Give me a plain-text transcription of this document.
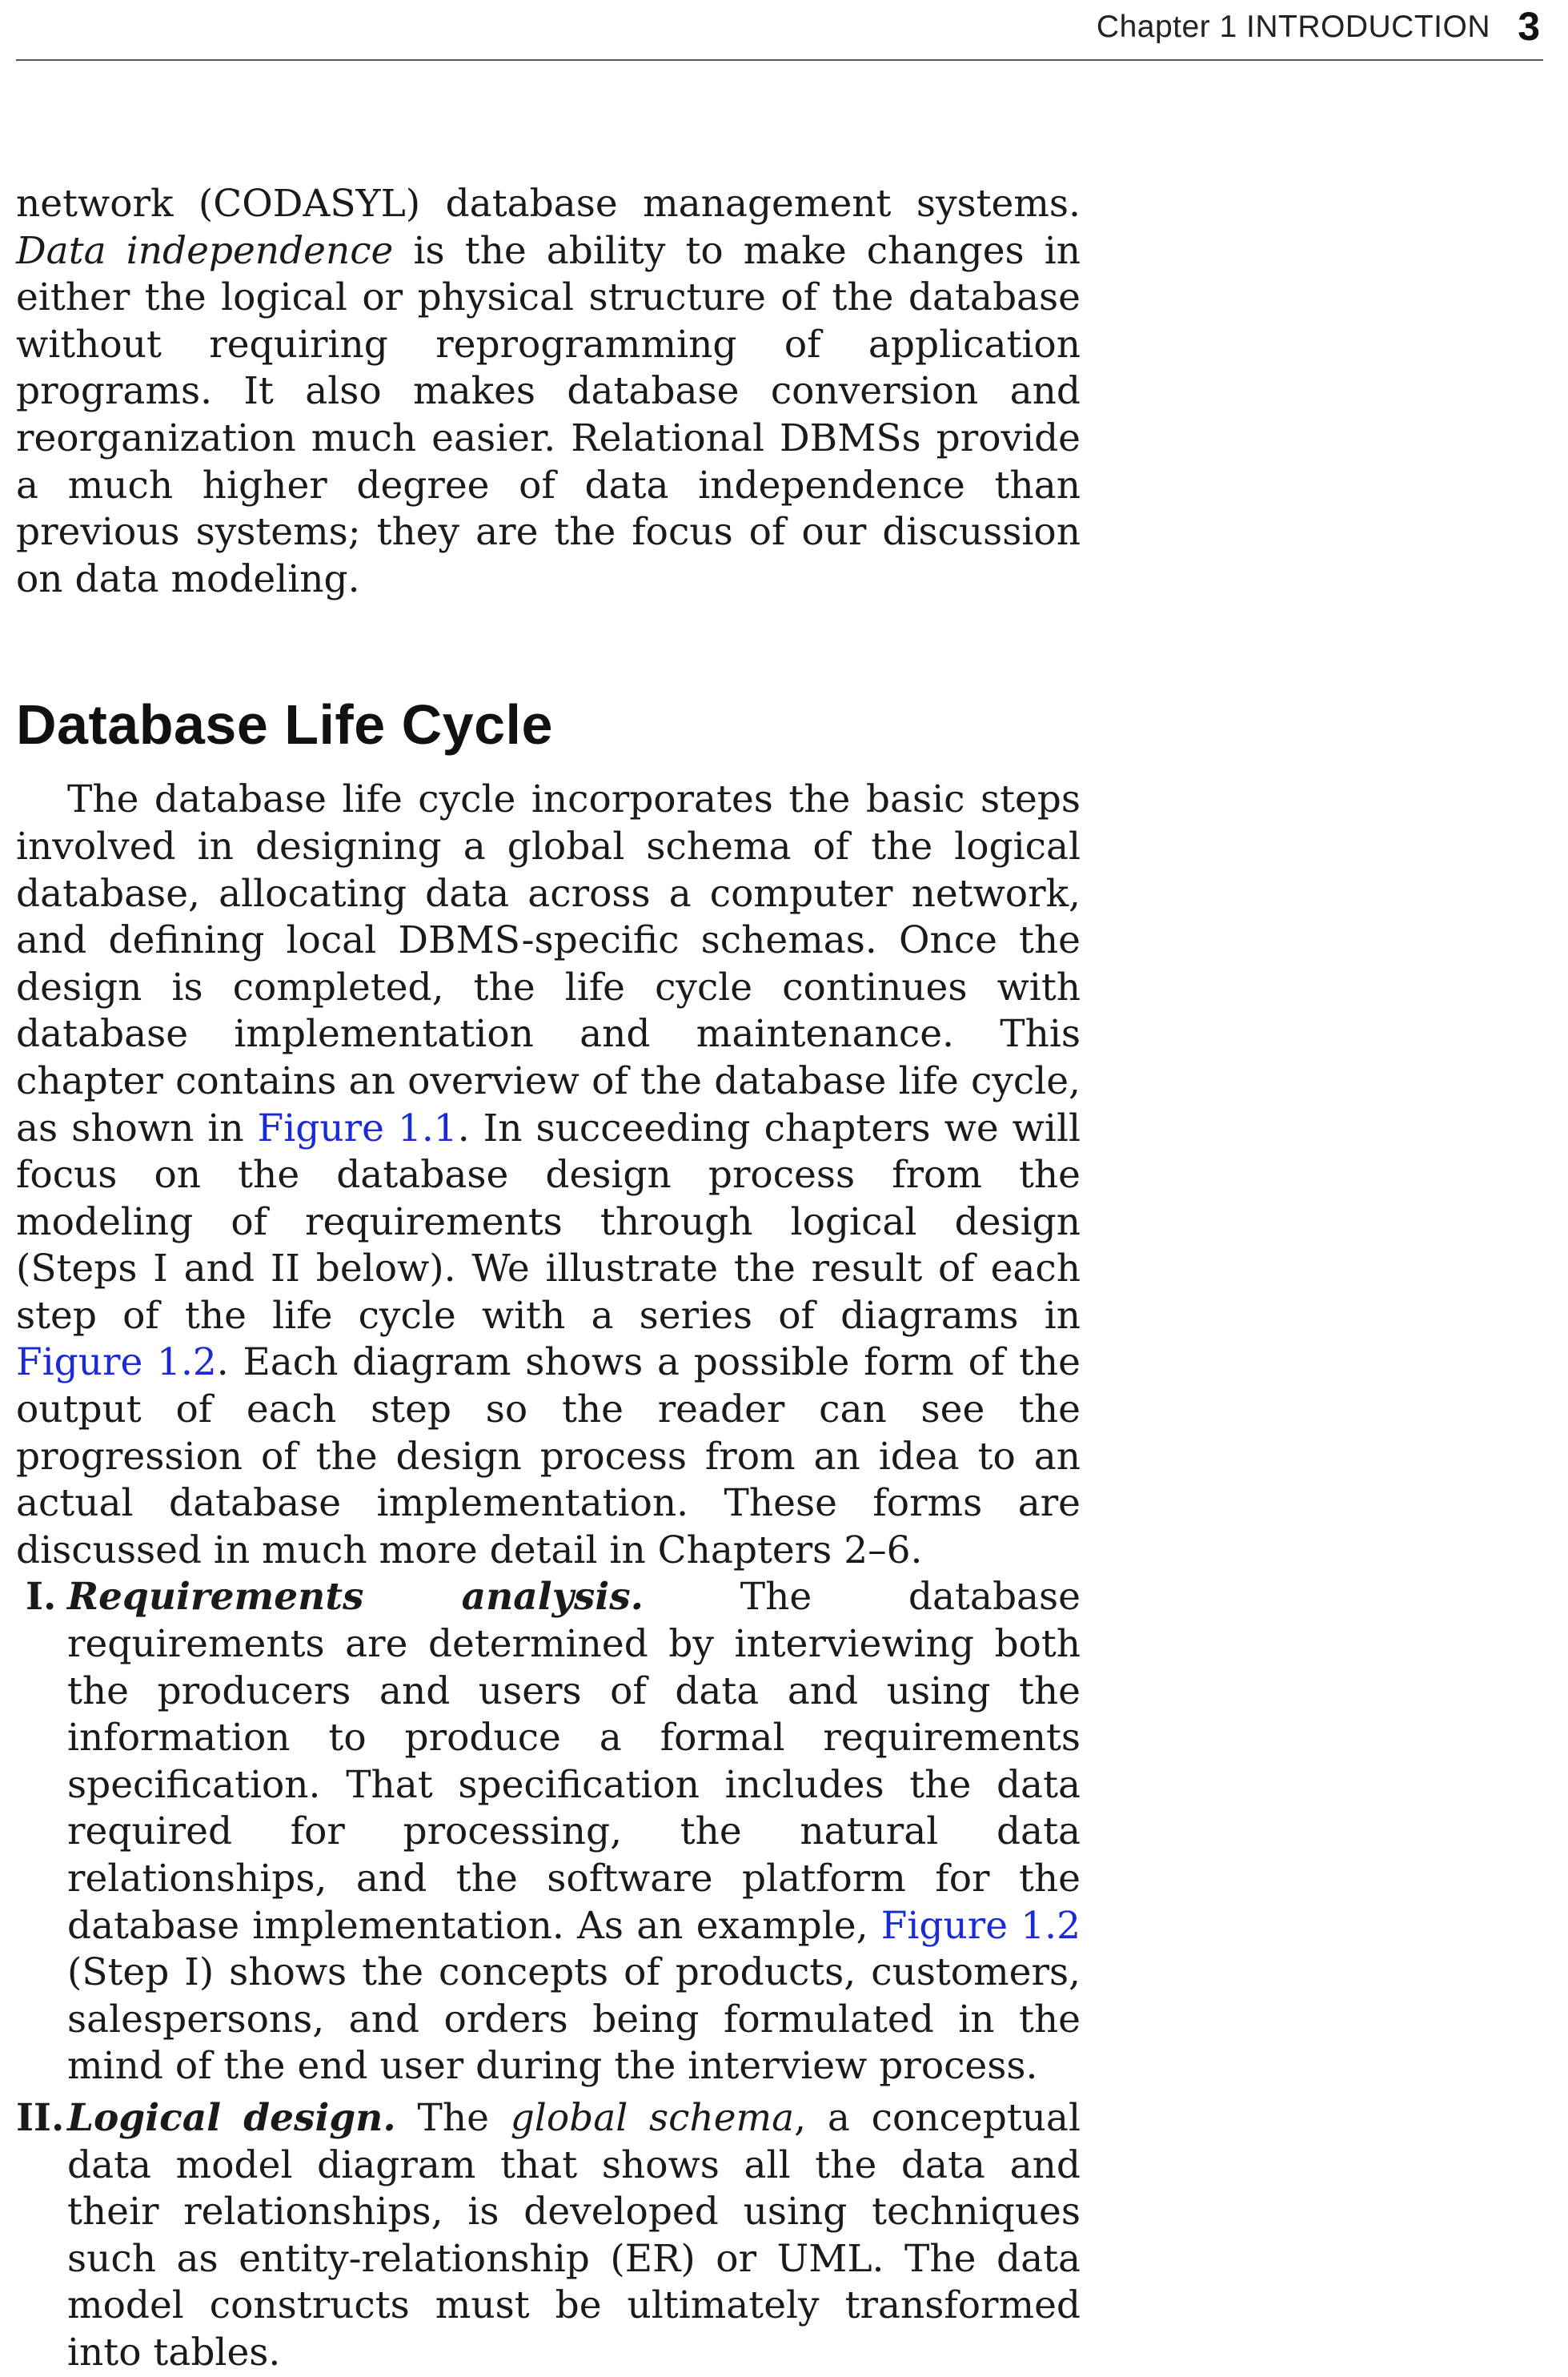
Chapter 1 INTRODUCTION 3

network (CODASYL) database management systems. Data independence is the ability to make changes in either the logical or physical structure of the database without requiring reprogramming of application programs. It also makes database conversion and reorganization much easier. Relational DBMSs provide a much higher degree of data independence than previous systems; they are the focus of our discussion on data modeling.

Database Life Cycle

The database life cycle incorporates the basic steps involved in designing a global schema of the logical database, allocating data across a computer network, and defining local DBMS-specific schemas. Once the design is completed, the life cycle continues with database implementation and maintenance. This chapter contains an overview of the database life cycle, as shown in Figure 1.1. In succeeding chapters we will focus on the database design process from the modeling of requirements through logical design (Steps I and II below). We illustrate the result of each step of the life cycle with a series of diagrams in Figure 1.2. Each diagram shows a possible form of the output of each step so the reader can see the progression of the design process from an idea to an actual database implementation. These forms are discussed in much more detail in Chapters 2–6.

I. Requirements analysis. The database requirements are determined by interviewing both the producers and users of data and using the information to produce a formal requirements specification. That specification includes the data required for processing, the natural data relationships, and the software platform for the database implementation. As an example, Figure 1.2 (Step I) shows the concepts of products, customers, salespersons, and orders being formulated in the mind of the end user during the interview process.

II. Logical design. The global schema, a conceptual data model diagram that shows all the data and their relationships, is developed using techniques such as entity-relationship (ER) or UML. The data model constructs must be ultimately transformed into tables.
